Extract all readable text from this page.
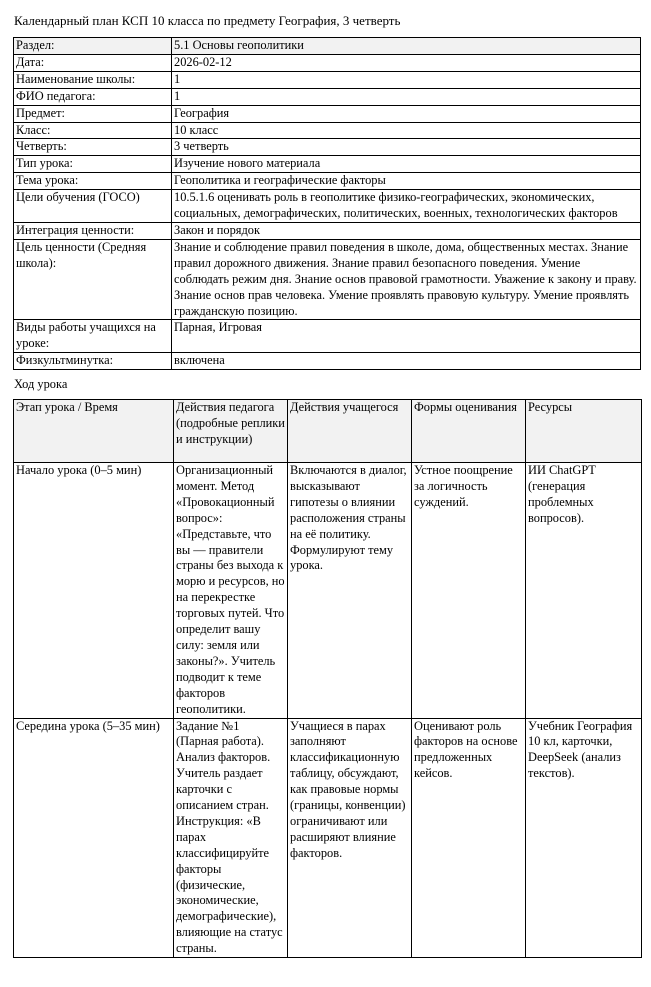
Календарный план КСП 10 класса по предмету География, 3 четверть
Раздел:	5.1 Основы геополитики
Дата:	2026-02-12
Наименование школы:	1
ФИО педагога:	1
Предмет:	География
Класс:	10 класс
Четверть:	3 четверть
Тип урока:	Изучение нового материала
Тема урока:	Геополитика и географические факторы
Цели обучения (ГОСО)	10.5.1.6 оценивать роль в геополитике физико-географических, экономических, социальных, демографических, политических, военных, технологических факторов
Интеграция ценности:	Закон и порядок
Цель ценности (Средняя школа):	Знание и соблюдение правил поведения в школе, дома, общественных местах. Знание правил дорожного движения. Знание правил безопасного поведения. Умение соблюдать режим дня. Знание основ правовой грамотности. Уважение к закону и праву. Знание основ прав человека. Умение проявлять правовую культуру. Умение проявлять гражданскую позицию.
Виды работы учащихся на уроке:	Парная, Игровая
Физкультминутка:	включена
Ход урока
Этап урока / Время	Действия педагога (подробные реплики и инструкции)	Действия учащегося	Формы оценивания	Ресурсы
Начало урока (0–5 мин)	Организационный момент. Метод «Провокационный вопрос»: «Представьте, что вы — правители страны без выхода к морю и ресурсов, но на перекрестке торговых путей. Что определит вашу силу: земля или законы?». Учитель подводит к теме факторов геополитики.	Включаются в диалог, высказывают гипотезы о влиянии расположения страны на её политику. Формулируют тему урока.	Устное поощрение за логичность суждений.	ИИ ChatGPT (генерация проблемных вопросов).
Середина урока (5–35 мин)	Задание №1 (Парная работа). Анализ факторов. Учитель раздает карточки с описанием стран. Инструкция: «В парах классифицируйте факторы (физические, экономические, демографические), влияющие на статус страны.	Учащиеся в парах заполняют классификационную таблицу, обсуждают, как правовые нормы (границы, конвенции) ограничивают или расширяют влияние факторов.	Оценивают роль факторов на основе предложенных кейсов.	Учебник География 10 кл, карточки, DeepSeek (анализ текстов).
